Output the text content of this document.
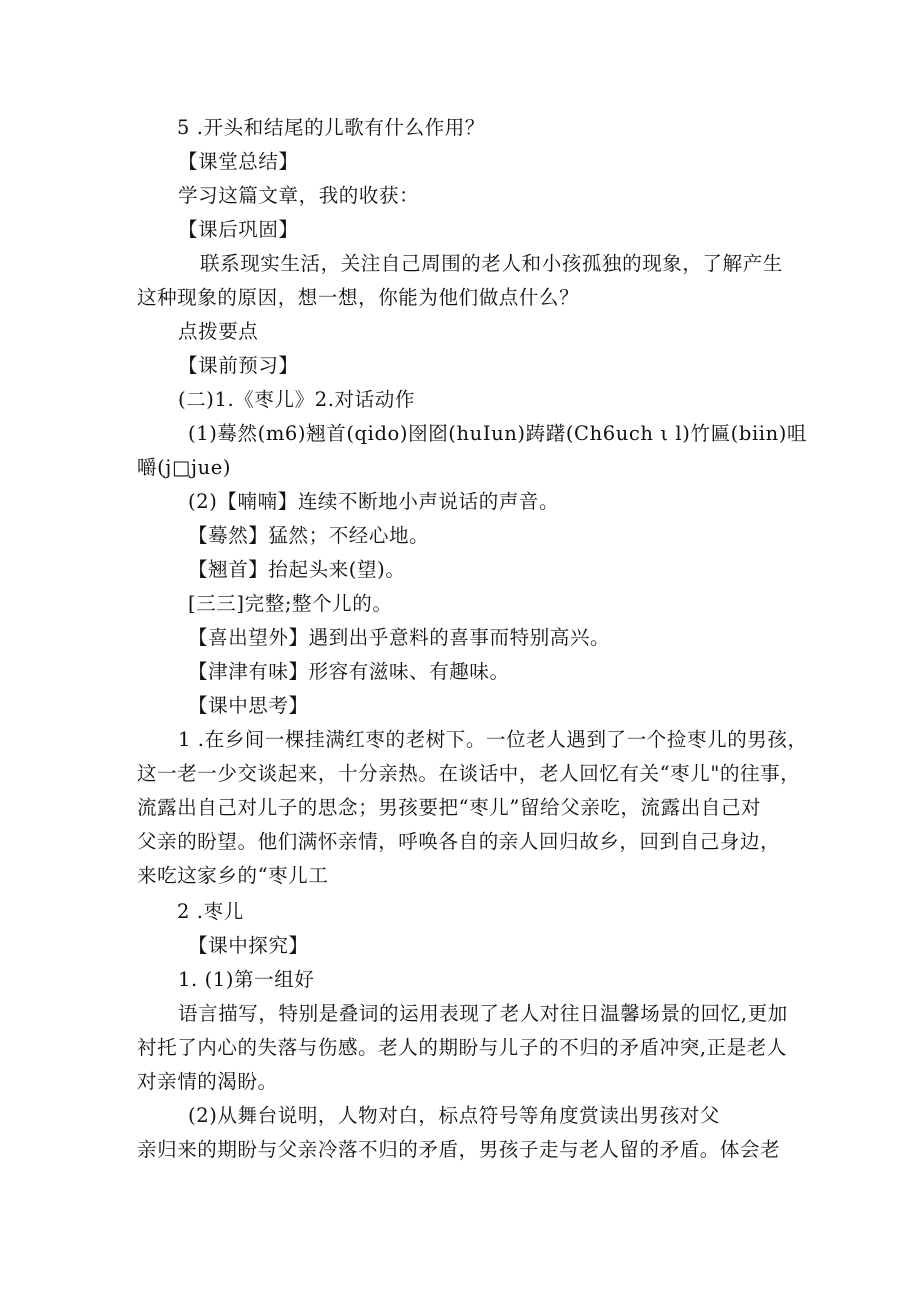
5 .开头和结尾的儿歌有什么作用？
【课堂总结】
学习这篇文章，我的收获：
【课后巩固】
联系现实生活，关注自己周围的老人和小孩孤独的现象，了解产生
这种现象的原因，想一想，你能为他们做点什么？
点拨要点
【课前预习】
(二)1.《枣儿》2.对话动作
(1)蓦然(m6)翘首(qido)囹囵(huIun)踌躇(Ch6uch ι l)竹匾(biin)咀
嚼(j□jue)
(2)【喃喃】连续不断地小声说话的声音。
【蓦然】猛然；不经心地。
【翘首】抬起头来(望)。
[三三]完整;整个儿的。
【喜出望外】遇到出乎意料的喜事而特别高兴。
【津津有味】形容有滋味、有趣味。
【课中思考】
1 .在乡间一棵挂满红枣的老树下。一位老人遇到了一个捡枣儿的男孩，
这一老一少交谈起来，十分亲热。在谈话中，老人回忆有关“枣儿"的往事，
流露出自己对儿子的思念；男孩要把“枣儿”留给父亲吃，流露出自己对
父亲的盼望。他们满怀亲情，呼唤各自的亲人回归故乡，回到自己身边，
来吃这家乡的“枣儿工
2 .枣儿
【课中探究】
1. (1)第一组好
语言描写，特别是叠词的运用表现了老人对往日温馨场景的回忆,更加
衬托了内心的失落与伤感。老人的期盼与儿子的不归的矛盾冲突,正是老人
对亲情的渴盼。
(2)从舞台说明，人物对白，标点符号等角度赏读出男孩对父
亲归来的期盼与父亲冷落不归的矛盾，男孩子走与老人留的矛盾。体会老
